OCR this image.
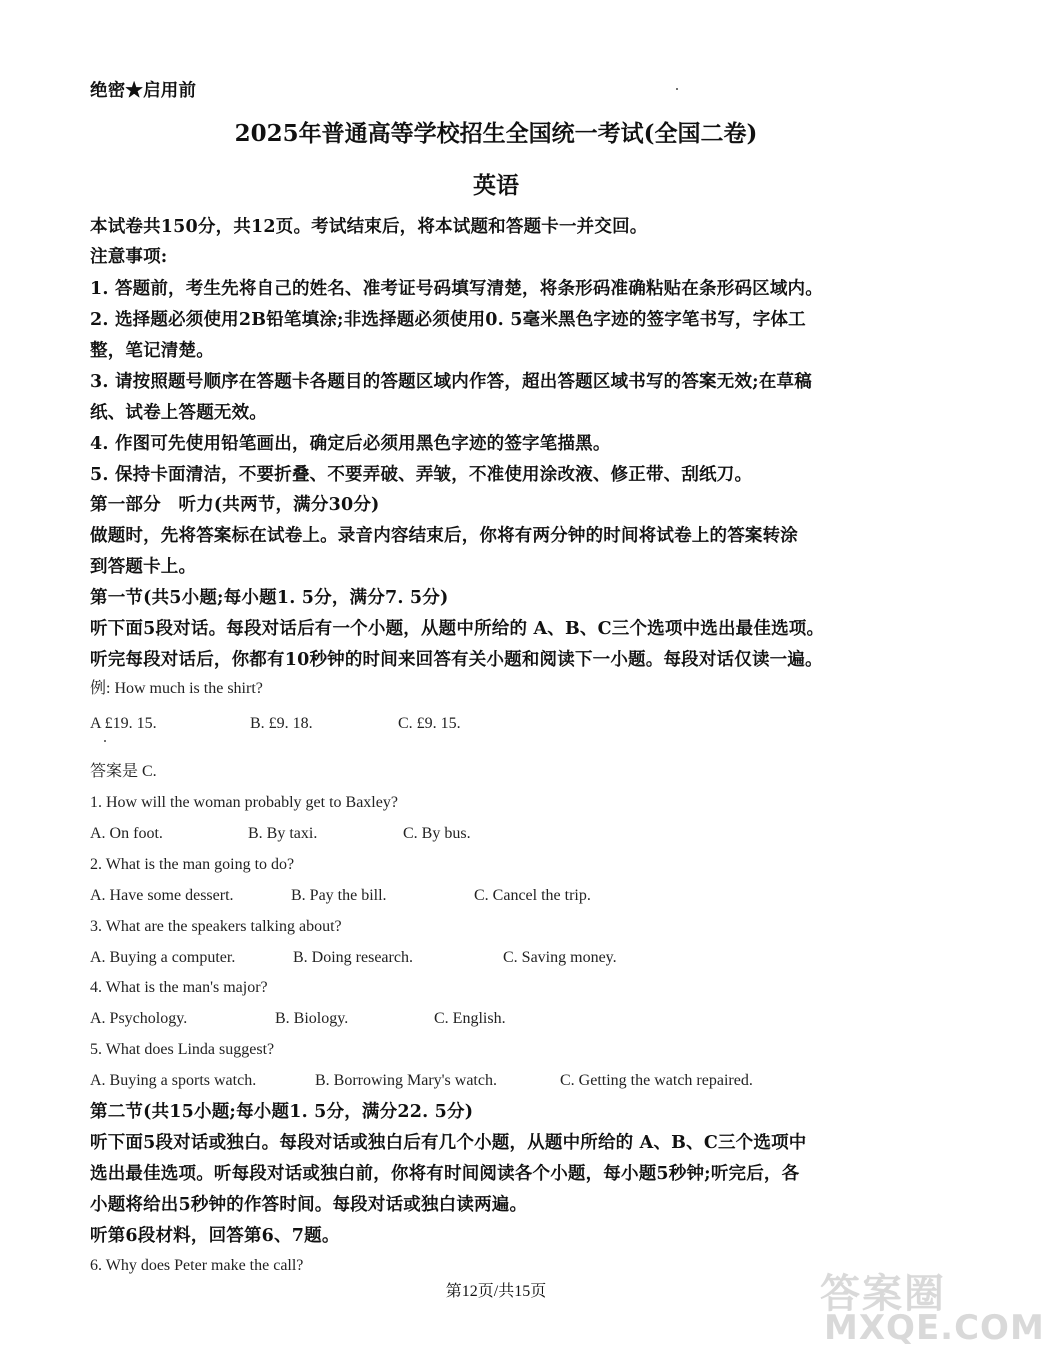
绝密★启用前
2025年普通高等学校招生全国统一考试(全国二卷)
英语
本试卷共150分，共12页。考试结束后，将本试题和答题卡一并交回。
注意事项:
1. 答题前，考生先将自己的姓名、准考证号码填写清楚，将条形码准确粘贴在条形码区域内。
2. 选择题必须使用2B铅笔填涂;非选择题必须使用0. 5毫米黑色字迹的签字笔书写，字体工
整，笔记清楚。
3. 请按照题号顺序在答题卡各题目的答题区域内作答，超出答题区域书写的答案无效;在草稿
纸、试卷上答题无效。
4. 作图可先使用铅笔画出，确定后必须用黑色字迹的签字笔描黑。
5. 保持卡面清洁，不要折叠、不要弄破、弄皱，不准使用涂改液、修正带、刮纸刀。
第一部分　听力(共两节，满分30分)
做题时，先将答案标在试卷上。录音内容结束后，你将有两分钟的时间将试卷上的答案转涂
到答题卡上。
第一节(共5小题;每小题1. 5分，满分7. 5分)
听下面5段对话。每段对话后有一个小题，从题中所给的 A、B、C三个选项中选出最佳选项。
听完每段对话后，你都有10秒钟的时间来回答有关小题和阅读下一小题。每段对话仅读一遍。
例: How much is the shirt?
A £19. 15.	B. £9. 18.	C. £9. 15.
答案是 C.
1. How will the woman probably get to Baxley?
A. On foot.	B. By taxi.	C. By bus.
2. What is the man going to do?
A. Have some dessert.	B. Pay the bill.	C. Cancel the trip.
3. What are the speakers talking about?
A. Buying a computer.	B. Doing research.	C. Saving money.
4. What is the man's major?
A. Psychology.	B. Biology.	C. English.
5. What does Linda suggest?
A. Buying a sports watch.	B. Borrowing Mary's watch.	C. Getting the watch repaired.
第二节(共15小题;每小题1. 5分，满分22. 5分)
听下面5段对话或独白。每段对话或独白后有几个小题，从题中所给的 A、B、C三个选项中
选出最佳选项。听每段对话或独白前，你将有时间阅读各个小题，每小题5秒钟;听完后，各
小题将给出5秒钟的作答时间。每段对话或独白读两遍。
听第6段材料，回答第6、7题。
6. Why does Peter make the call?
第12页/共15页	答案圈
MXQE.COM
